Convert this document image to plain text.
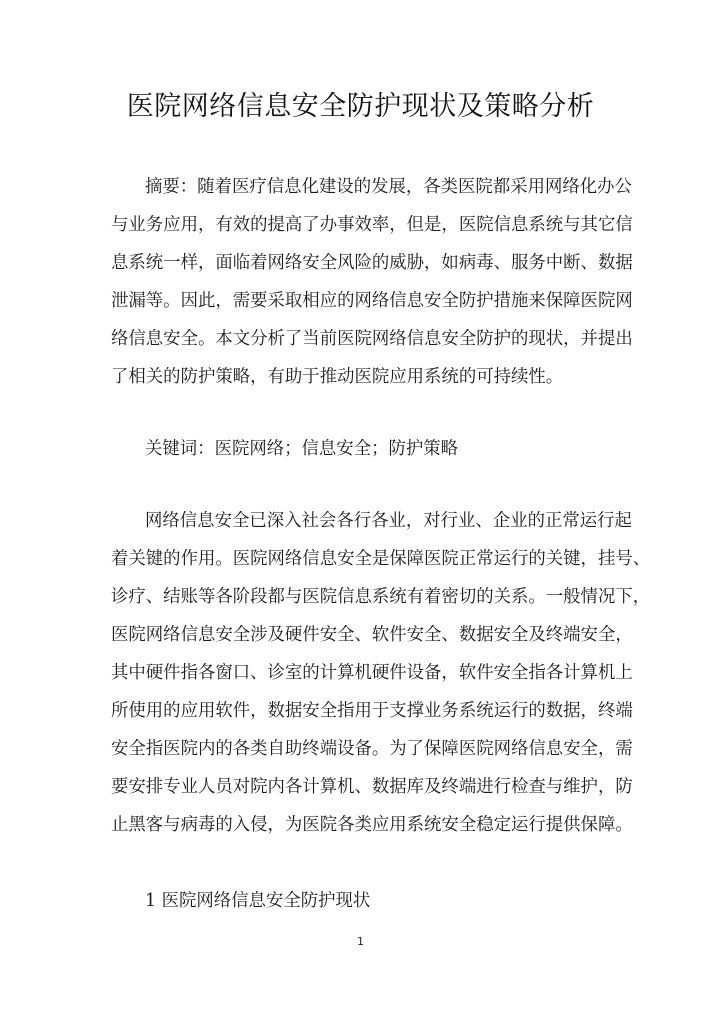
医院网络信息安全防护现状及策略分析
摘要：随着医疗信息化建设的发展，各类医院都采用网络化办公
与业务应用，有效的提高了办事效率，但是，医院信息系统与其它信
息系统一样，面临着网络安全风险的威胁，如病毒、服务中断、数据
泄漏等。因此，需要采取相应的网络信息安全防护措施来保障医院网
络信息安全。本文分析了当前医院网络信息安全防护的现状，并提出
了相关的防护策略，有助于推动医院应用系统的可持续性。
关键词：医院网络；信息安全；防护策略
网络信息安全已深入社会各行各业，对行业、企业的正常运行起
着关键的作用。医院网络信息安全是保障医院正常运行的关键，挂号、
诊疗、结账等各阶段都与医院信息系统有着密切的关系。一般情况下，
医院网络信息安全涉及硬件安全、软件安全、数据安全及终端安全，
其中硬件指各窗口、诊室的计算机硬件设备，软件安全指各计算机上
所使用的应用软件，数据安全指用于支撑业务系统运行的数据，终端
安全指医院内的各类自助终端设备。为了保障医院网络信息安全，需
要安排专业人员对院内各计算机、数据库及终端进行检查与维护，防
止黑客与病毒的入侵，为医院各类应用系统安全稳定运行提供保障。
1 医院网络信息安全防护现状
1
